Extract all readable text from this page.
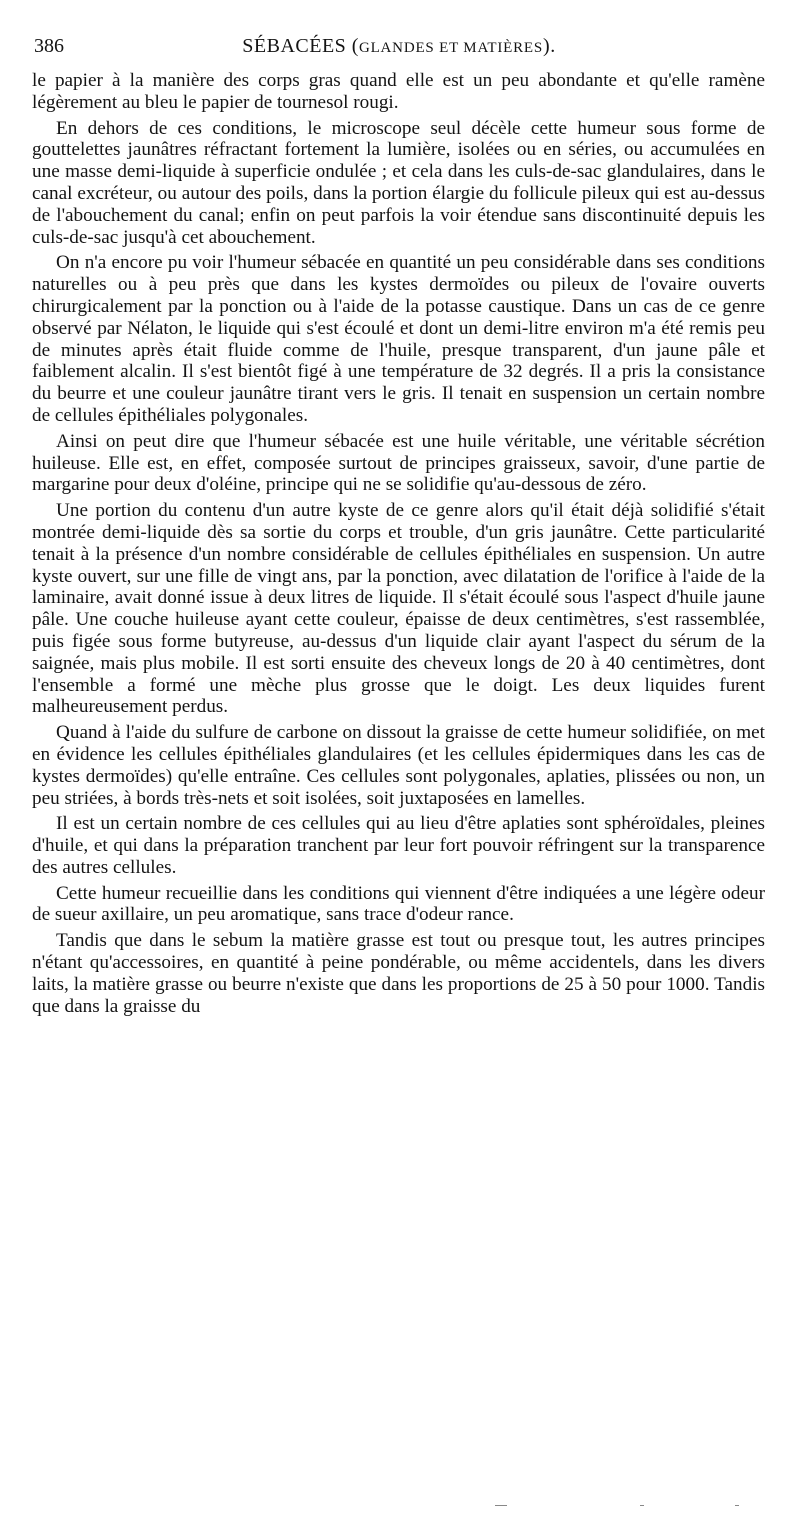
386	SÉBACÉES (GLANDES ET MATIÈRES).

le papier à la manière des corps gras quand elle est un peu abondante et qu'elle ramène légèrement au bleu le papier de tournesol rougi.

En dehors de ces conditions, le microscope seul décèle cette humeur sous forme de gouttelettes jaunâtres réfractant fortement la lumière, isolées ou en séries, ou accumulées en une masse demi-liquide à superficie ondulée ; et cela dans les culs-de-sac glandulaires, dans le canal excréteur, ou autour des poils, dans la portion élargie du follicule pileux qui est au-dessus de l'abouchement du canal; enfin on peut parfois la voir étendue sans discontinuité depuis les culs-de-sac jusqu'à cet abouchement.

On n'a encore pu voir l'humeur sébacée en quantité un peu considérable dans ses conditions naturelles ou à peu près que dans les kystes dermoïdes ou pileux de l'ovaire ouverts chirurgicalement par la ponction ou à l'aide de la potasse caustique. Dans un cas de ce genre observé par Nélaton, le liquide qui s'est écoulé et dont un demi-litre environ m'a été remis peu de minutes après était fluide comme de l'huile, presque transparent, d'un jaune pâle et faiblement alcalin. Il s'est bientôt figé à une température de 32 degrés. Il a pris la consistance du beurre et une couleur jaunâtre tirant vers le gris. Il tenait en suspension un certain nombre de cellules épithéliales polygonales.

Ainsi on peut dire que l'humeur sébacée est une huile véritable, une véritable sécrétion huileuse. Elle est, en effet, composée surtout de principes graisseux, savoir, d'une partie de margarine pour deux d'oléine, principe qui ne se solidifie qu'au-dessous de zéro.

Une portion du contenu d'un autre kyste de ce genre alors qu'il était déjà solidifié s'était montrée demi-liquide dès sa sortie du corps et trouble, d'un gris jaunâtre. Cette particularité tenait à la présence d'un nombre considérable de cellules épithéliales en suspension. Un autre kyste ouvert, sur une fille de vingt ans, par la ponction, avec dilatation de l'orifice à l'aide de la laminaire, avait donné issue à deux litres de liquide. Il s'était écoulé sous l'aspect d'huile jaune pâle. Une couche huileuse ayant cette couleur, épaisse de deux centimètres, s'est rassemblée, puis figée sous forme butyreuse, au-dessus d'un liquide clair ayant l'aspect du sérum de la saignée, mais plus mobile. Il est sorti ensuite des cheveux longs de 20 à 40 centimètres, dont l'ensemble a formé une mèche plus grosse que le doigt. Les deux liquides furent malheureusement perdus.

Quand à l'aide du sulfure de carbone on dissout la graisse de cette humeur solidifiée, on met en évidence les cellules épithéliales glandulaires (et les cellules épidermiques dans les cas de kystes dermoïdes) qu'elle entraîne. Ces cellules sont polygonales, aplaties, plissées ou non, un peu striées, à bords très-nets et soit isolées, soit juxtaposées en lamelles.

Il est un certain nombre de ces cellules qui au lieu d'être aplaties sont sphéroïdales, pleines d'huile, et qui dans la préparation tranchent par leur fort pouvoir réfringent sur la transparence des autres cellules.

Cette humeur recueillie dans les conditions qui viennent d'être indiquées a une légère odeur de sueur axillaire, un peu aromatique, sans trace d'odeur rance.

Tandis que dans le sebum la matière grasse est tout ou presque tout, les autres principes n'étant qu'accessoires, en quantité à peine pondérable, ou même accidentels, dans les divers laits, la matière grasse ou beurre n'existe que dans les proportions de 25 à 50 pour 1000. Tandis que dans la graisse du
